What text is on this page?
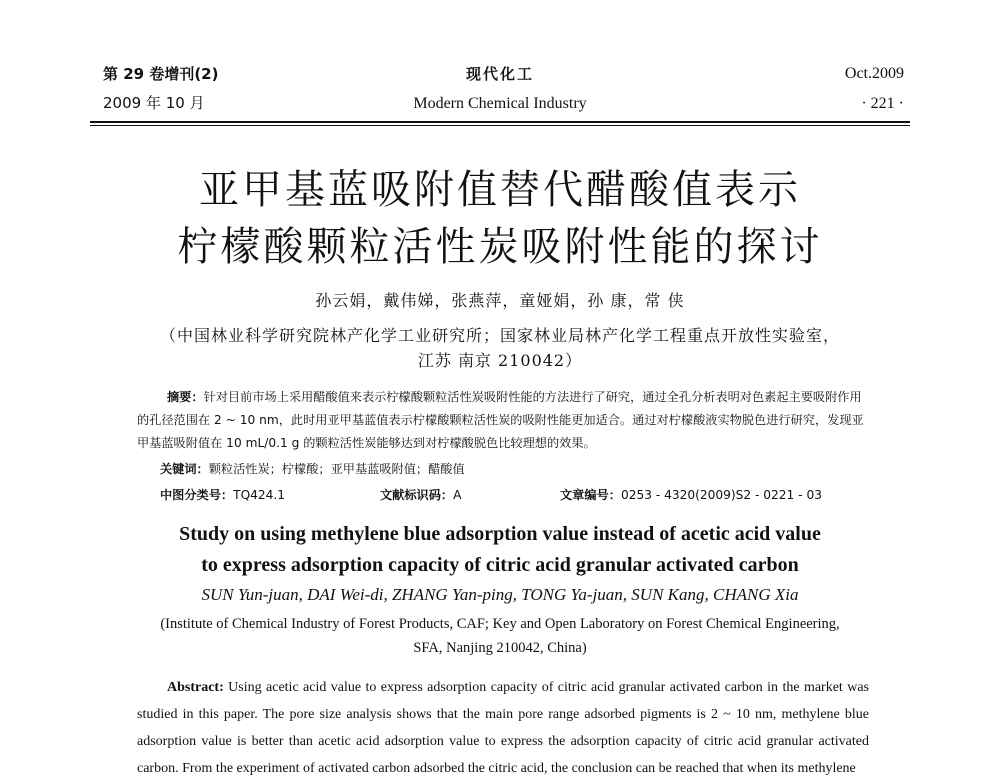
第 29 卷增刊(2)
2009 年 10 月
现代化工
Modern Chemical Industry
Oct.2009
· 221 ·
亚甲基蓝吸附值替代醋酸值表示
柠檬酸颗粒活性炭吸附性能的探讨
孙云娟，戴伟娣，张燕萍，童娅娟，孙 康，常 侠
（中国林业科学研究院林产化学工业研究所；国家林业局林产化学工程重点开放性实验室，
江苏 南京 210042）
摘要：针对目前市场上采用醋酸值来表示柠檬酸颗粒活性炭吸附性能的方法进行了研究，通过全孔分析表明对色素起主要吸附作用的孔径范围在 2 ~ 10 nm，此时用亚甲基蓝值表示柠檬酸颗粒活性炭的吸附性能更加适合。通过对柠檬酸液实物脱色进行研究，发现亚甲基蓝吸附值在 10 mL/0.1 g 的颗粒活性炭能够达到对柠檬酸脱色比较理想的效果。
关键词：颗粒活性炭；柠檬酸；亚甲基蓝吸附值；醋酸值
中图分类号：TQ424.1	文献标识码：A	文章编号：0253 - 4320(2009)S2 - 0221 - 03
Study on using methylene blue adsorption value instead of acetic acid value
to express adsorption capacity of citric acid granular activated carbon
SUN Yun-juan, DAI Wei-di, ZHANG Yan-ping, TONG Ya-juan, SUN Kang, CHANG Xia
(Institute of Chemical Industry of Forest Products, CAF; Key and Open Laboratory on Forest Chemical Engineering,
SFA, Nanjing 210042, China)

Abstract: Using acetic acid value to express adsorption capacity of citric acid granular activated carbon in the market was studied in this paper. The pore size analysis shows that the main pore range adsorbed pigments is 2 ~ 10 nm, methylene blue adsorption value is better than acetic acid adsorption value to express the adsorption capacity of citric acid granular activated carbon. From the experiment of activated carbon adsorbed the citric acid, the conclusion can be reached that when its methylene
